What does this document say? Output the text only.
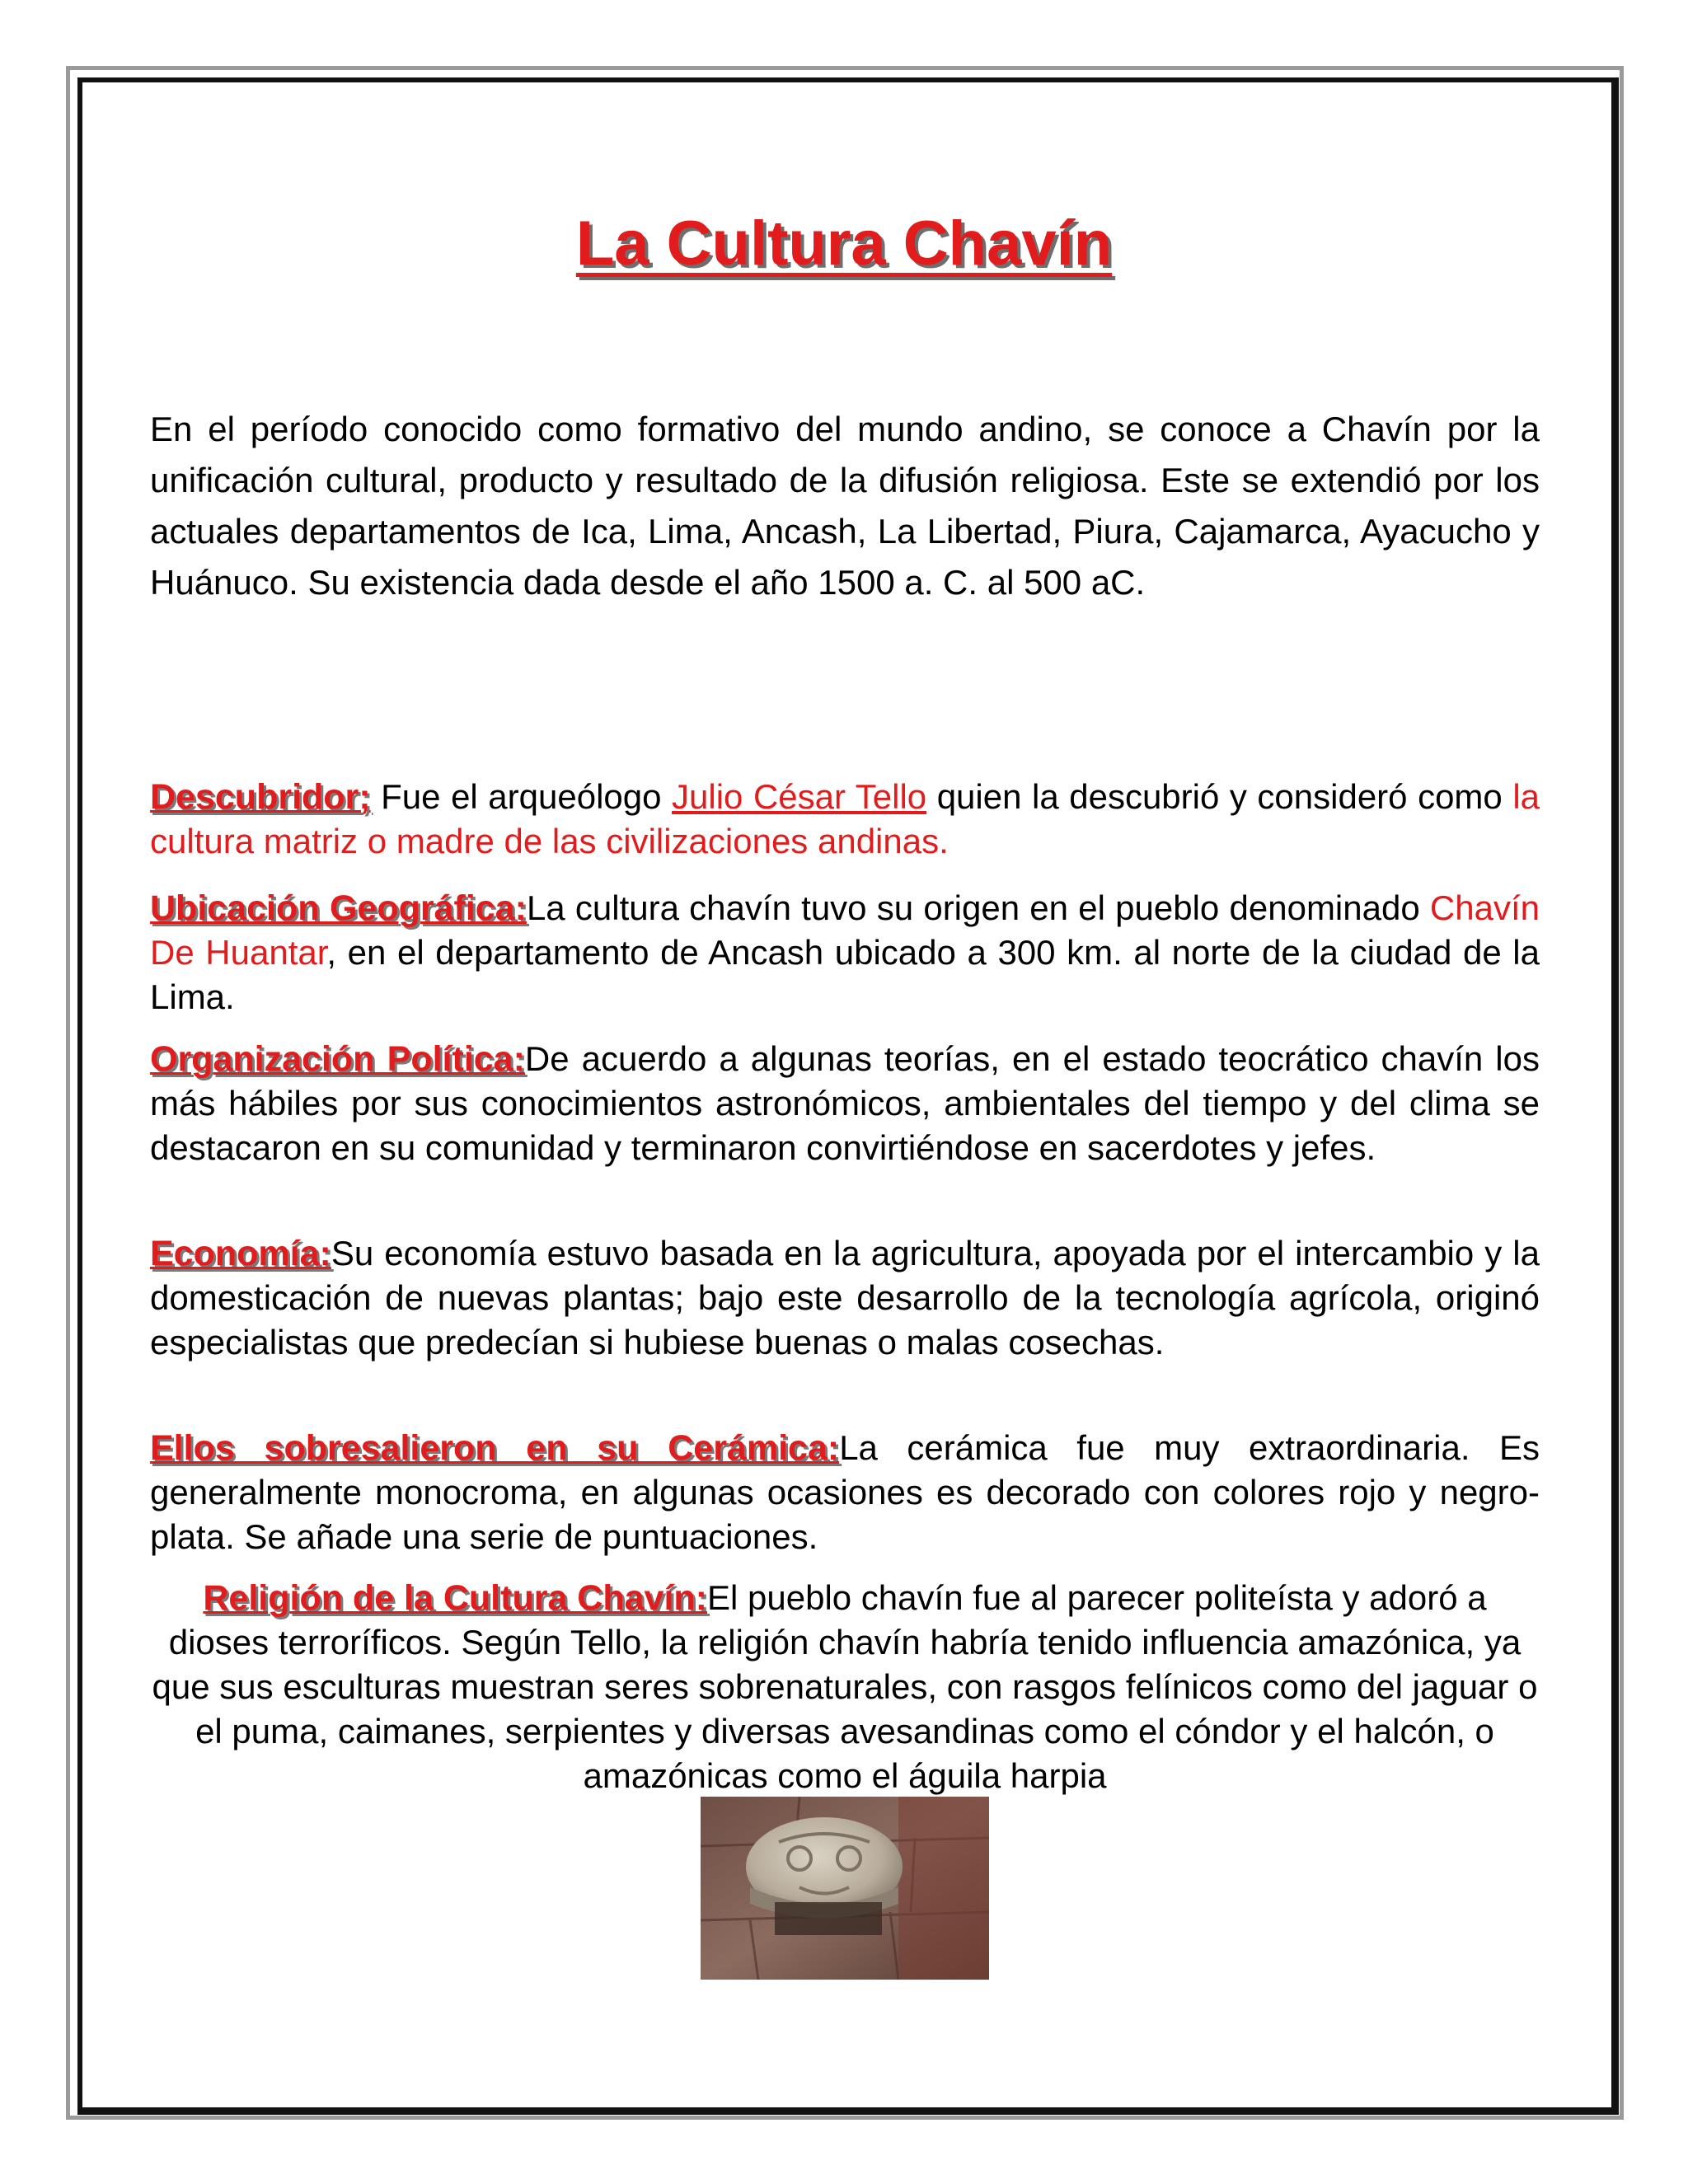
La Cultura Chavín

En el período conocido como formativo del mundo andino, se conoce a Chavín por la unificación cultural, producto y resultado de la difusión religiosa. Este se extendió por los actuales departamentos de Ica, Lima, Ancash, La Libertad, Piura, Cajamarca, Ayacucho y Huánuco. Su existencia dada desde el año 1500 a. C. al 500 aC.

Descubridor; Fue el arqueólogo Julio César Tello quien la descubrió y consideró como la cultura matriz o madre de las civilizaciones andinas.

Ubicación Geográfica:La cultura chavín tuvo su origen en el pueblo denominado Chavín De Huantar, en el departamento de Ancash ubicado a 300 km. al norte de la ciudad de la Lima.

Organización Política:De acuerdo a algunas teorías, en el estado teocrático chavín los más hábiles por sus conocimientos astronómicos, ambientales del tiempo y del clima se destacaron en su comunidad y terminaron convirtiéndose en sacerdotes y jefes.

Economía:Su economía estuvo basada en la agricultura, apoyada por el intercambio y la domesticación de nuevas plantas; bajo este desarrollo de la tecnología agrícola, originó especialistas que predecían si hubiese buenas o malas cosechas.

Ellos sobresalieron en su Cerámica:La cerámica fue muy extraordinaria. Es generalmente monocroma, en algunas ocasiones es decorado con colores rojo y negro-plata. Se añade una serie de puntuaciones.

Religión de la Cultura Chavín:El pueblo chavín fue al parecer politeísta y adoró a dioses terroríficos. Según Tello, la religión chavín habría tenido influencia amazónica, ya que sus esculturas muestran seres sobrenaturales, con rasgos felínicos como del jaguar o el puma, caimanes, serpientes y diversas avesandinas como el cóndor y el halcón, o amazónicas como el águila harpia
